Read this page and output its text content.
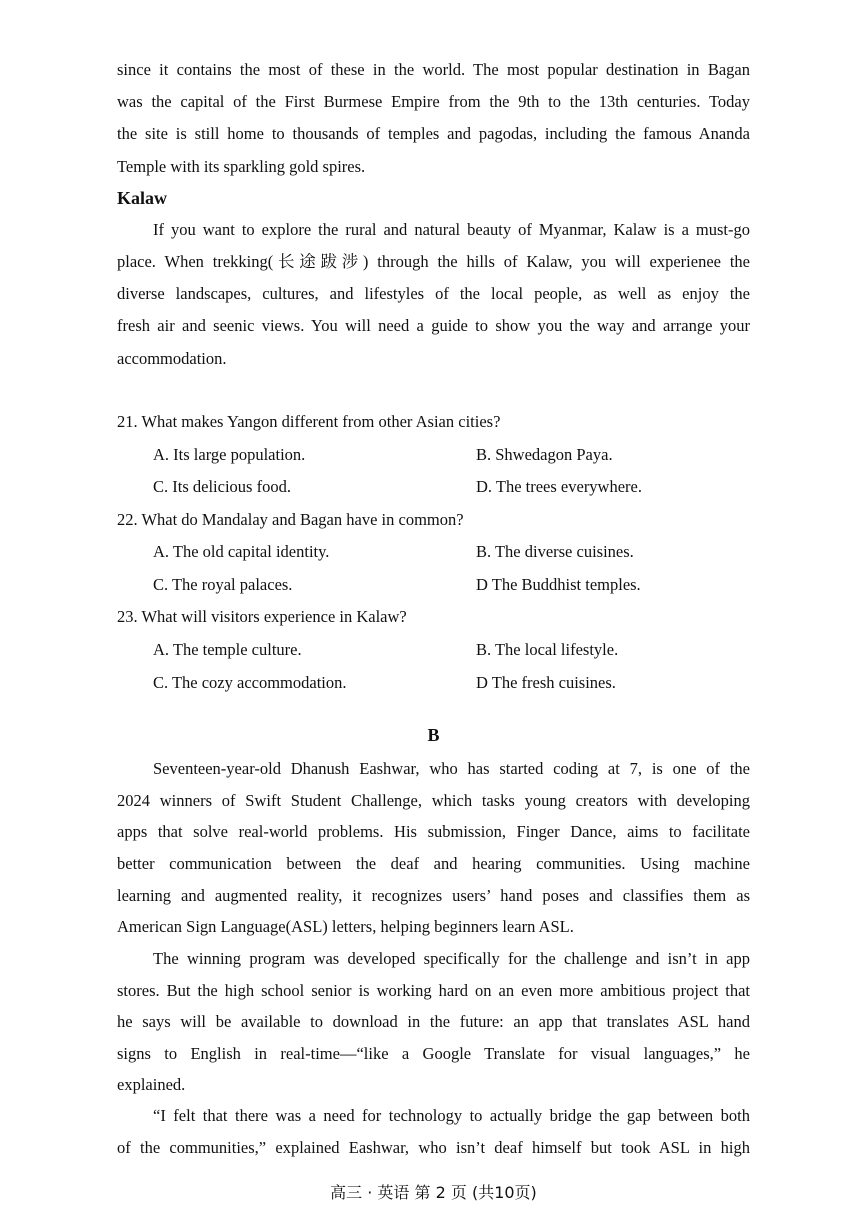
since it contains the most of these in the world. The most popular destination in Bagan
was the capital of the First Burmese Empire from the 9th to the 13th centuries. Today
the site is still home to thousands of temples and pagodas, including the famous Ananda
Temple with its sparkling gold spires.
Kalaw
If you want to explore the rural and natural beauty of Myanmar, Kalaw is a must-go
place. When trekking(长途跋涉) through the hills of Kalaw, you will experienee the
diverse landscapes, cultures, and lifestyles of the local people, as well as enjoy the
fresh air and seenic views. You will need a guide to show you the way and arrange your
accommodation.
21. What makes Yangon different from other Asian cities?
A. Its large population.	B. Shwedagon Paya.
C. Its delicious food.	D. The trees everywhere.
22. What do Mandalay and Bagan have in common?
A. The old capital identity.	B. The diverse cuisines.
C. The royal palaces.	D The Buddhist temples.
23. What will visitors experience in Kalaw?
A. The temple culture.	B. The local lifestyle.
C. The cozy accommodation.	D The fresh cuisines.
B
Seventeen-year-old Dhanush Eashwar, who has started coding at 7, is one of the
2024 winners of Swift Student Challenge, which tasks young creators with developing
apps that solve real-world problems. His submission, Finger Dance, aims to facilitate
better communication between the deaf and hearing communities. Using machine
learning and augmented reality, it recognizes users’ hand poses and classifies them as
American Sign Language(ASL) letters, helping beginners learn ASL.
The winning program was developed specifically for the challenge and isn’t in app
stores. But the high school senior is working hard on an even more ambitious project that
he says will be available to download in the future: an app that translates ASL hand
signs to English in real-time—“like a Google Translate for visual languages,” he
explained.
“I felt that there was a need for technology to actually bridge the gap between both
of the communities,” explained Eashwar, who isn’t deaf himself but took ASL in high
高三 · 英语 第 2 页 (共10页)
